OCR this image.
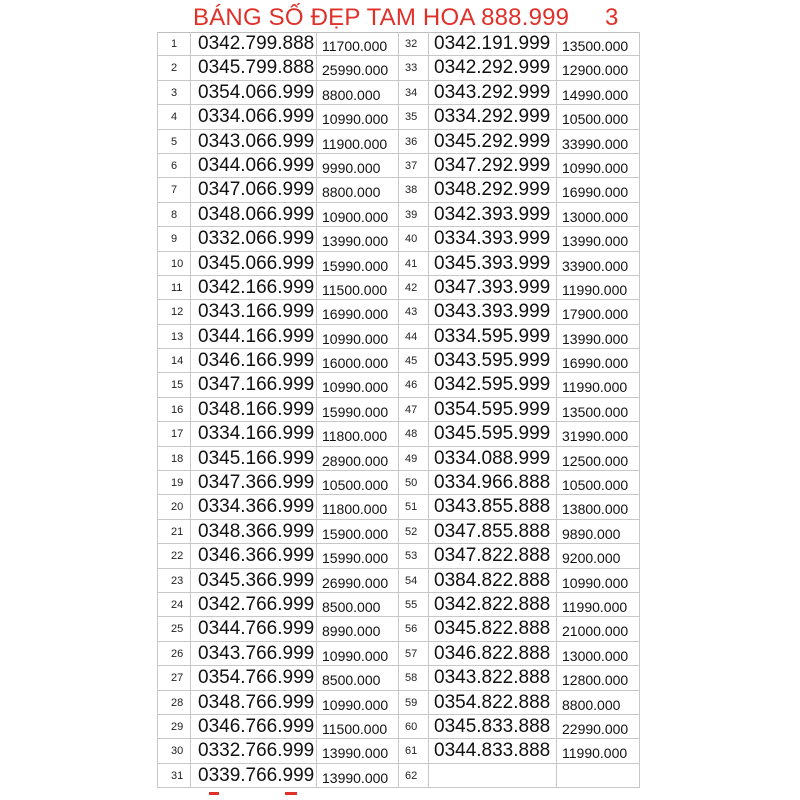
BÁNG SỐ ĐẸP TAM HOA 888.999 3
1	0342.799.888 11700.000	32 0342.191.999 13500.000
2	0345.799.888 25990.000	33 0342.292.999 12900.000
3	0354.066.999 8800.000	34 0343.292.999 14990.000
4	0334.066.999 10990.000	35 0334.292.999 10500.000
5	0343.066.999 11900.000	36 0345.292.999 33990.000
6	0344.066.999 9990.000	37 0347.292.999 10990.000
7	0347.066.999 8800.000	38 0348.292.999 16990.000
8	0348.066.999 10900.000	39 0342.393.999 13000.000
9	0332.066.999 13990.000	40 0334.393.999 13990.000
10 0345.066.999 15990.000	41 0345.393.999 33900.000
11 0342.166.999 11500.000	42 0347.393.999 11990.000
12 0343.166.999 16990.000	43 0343.393.999 17900.000
13 0344.166.999 10990.000	44 0334.595.999 13990.000
14 0346.166.999 16000.000	45 0343.595.999 16990.000
15 0347.166.999 10990.000	46 0342.595.999 11990.000
16 0348.166.999 15990.000	47 0354.595.999 13500.000
17 0334.166.999 11800.000	48 0345.595.999 31990.000
18 0345.166.999 28900.000	49 0334.088.999 12500.000
19 0347.366.999 10500.000	50 0334.966.888 10500.000
20 0334.366.999 11800.000	51 0343.855.888 13800.000
21 0348.366.999 15900.000	52 0347.855.888 9890.000
22 0346.366.999 15990.000	53 0347.822.888 9200.000
23 0345.366.999 26990.000	54 0384.822.888 10990.000
24 0342.766.999 8500.000	55 0342.822.888 11990.000
25 0344.766.999 8990.000	56 0345.822.888 21000.000
26 0343.766.999 10990.000	57 0346.822.888 13000.000
27 0354.766.999 8500.000	58 0343.822.888 12800.000
28 0348.766.999 10990.000	59 0354.822.888 8800.000
29 0346.766.999 11500.000	60 0345.833.888 22990.000
30 0332.766.999 13990.000	61 0344.833.888 11990.000
31 0339.766.999 13990.000	62
